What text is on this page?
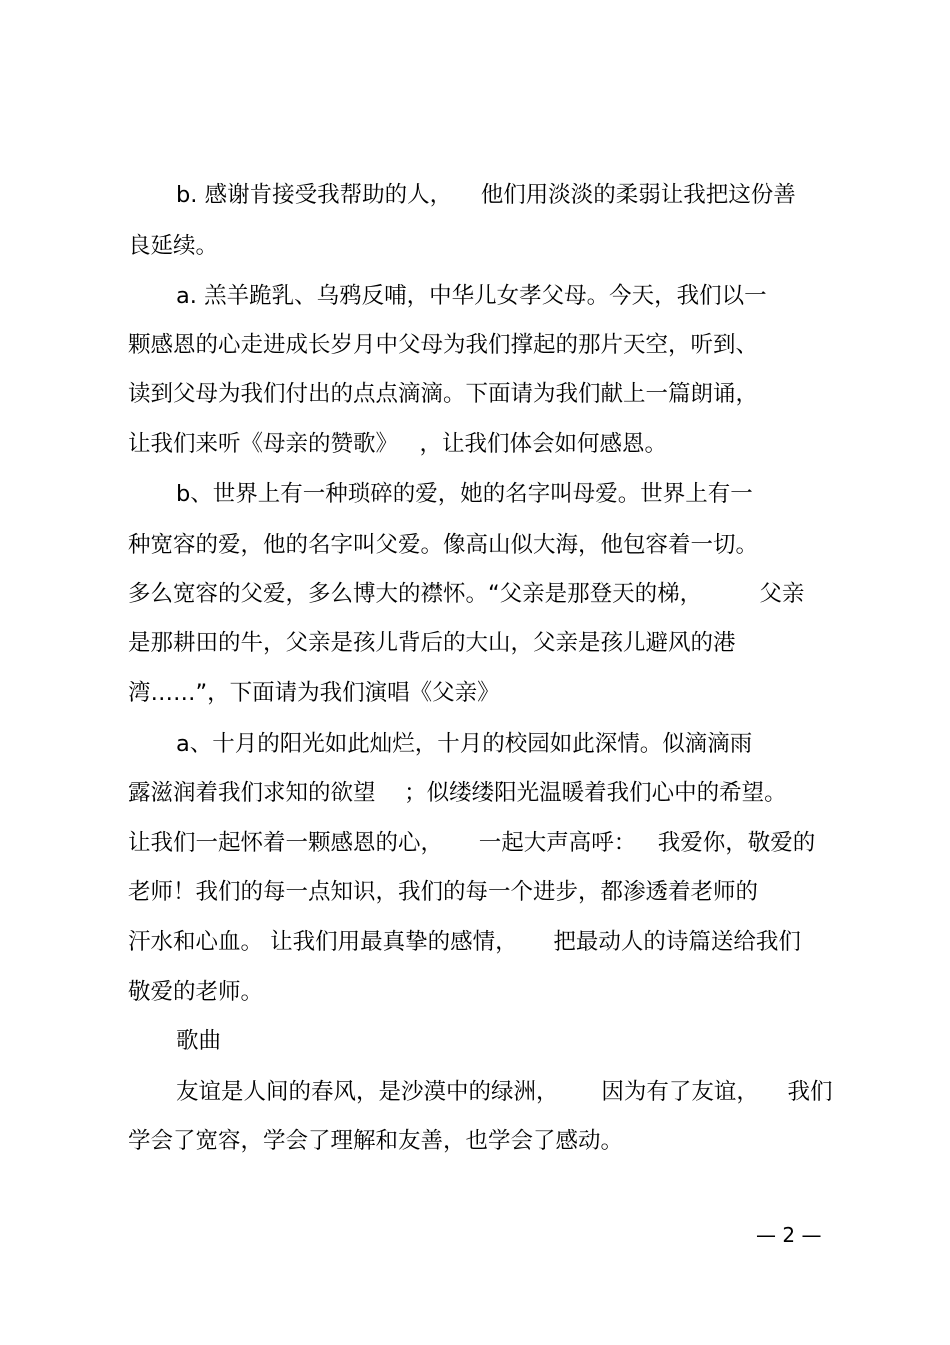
b. 感谢肯接受我帮助的人，    他们用淡淡的柔弱让我把这份善

良延续。

a. 羔羊跪乳、乌鸦反哺，中华儿女孝父母。今天，我们以一

颗感恩的心走进成长岁月中父母为我们撑起的那片天空，听到、

读到父母为我们付出的点点滴滴。下面请为我们献上一篇朗诵，

让我们来听《母亲的赞歌》   ，让我们体会如何感恩。

b、世界上有一种琐碎的爱，她的名字叫母爱。世界上有一

种宽容的爱，他的名字叫父爱。像高山似大海，他包容着一切。

多么宽容的父爱，多么博大的襟怀。“父亲是那登天的梯，        父亲

是那耕田的牛，父亲是孩儿背后的大山，父亲是孩儿避风的港

湾……”，下面请为我们演唱《父亲》

a、十月的阳光如此灿烂，十月的校园如此深情。似滴滴雨

露滋润着我们求知的欲望    ；似缕缕阳光温暖着我们心中的希望。

让我们一起怀着一颗感恩的心，     一起大声高呼：   我爱你，敬爱的

老师！我们的每一点知识，我们的每一个进步，都渗透着老师的

汗水和心血。 让我们用最真挚的感情，     把最动人的诗篇送给我们

敬爱的老师。

歌曲

友谊是人间的春风，是沙漠中的绿洲，      因为有了友谊，    我们

学会了宽容，学会了理解和友善，也学会了感动。

— 2 —
